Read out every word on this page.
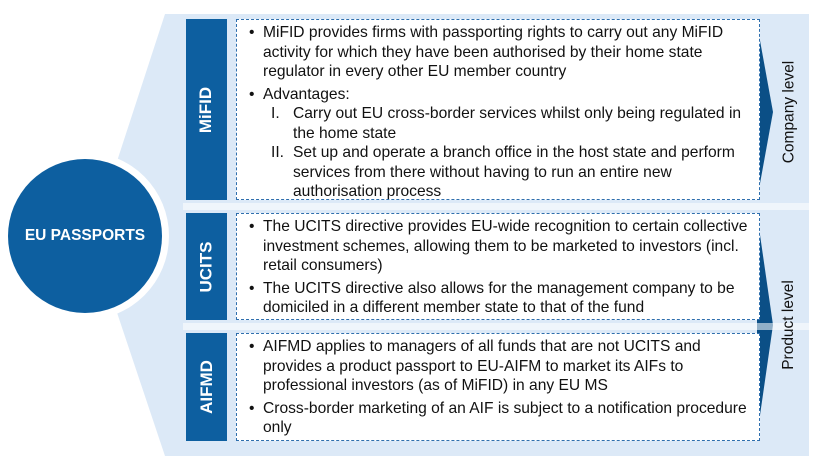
EU PASSPORTS
MiFID
• MiFID provides firms with passporting rights to carry out any MiFID activity for which they have been authorised by their home state regulator in every other EU member country
• Advantages:
I. Carry out EU cross-border services whilst only being regulated in the home state
II. Set up and operate a branch office in the host state and perform services from there without having to run an entire new authorisation process
UCITS
• The UCITS directive provides EU-wide recognition to certain collective investment schemes, allowing them to be marketed to investors (incl. retail consumers)
• The UCITS directive also allows for the management company to be domiciled in a different member state to that of the fund
AIFMD
• AIFMD applies to managers of all funds that are not UCITS and provides a product passport to EU-AIFM to market its AIFs to professional investors (as of MiFID) in any EU MS
• Cross-border marketing of an AIF is subject to a notification procedure only
Company level
Product level
